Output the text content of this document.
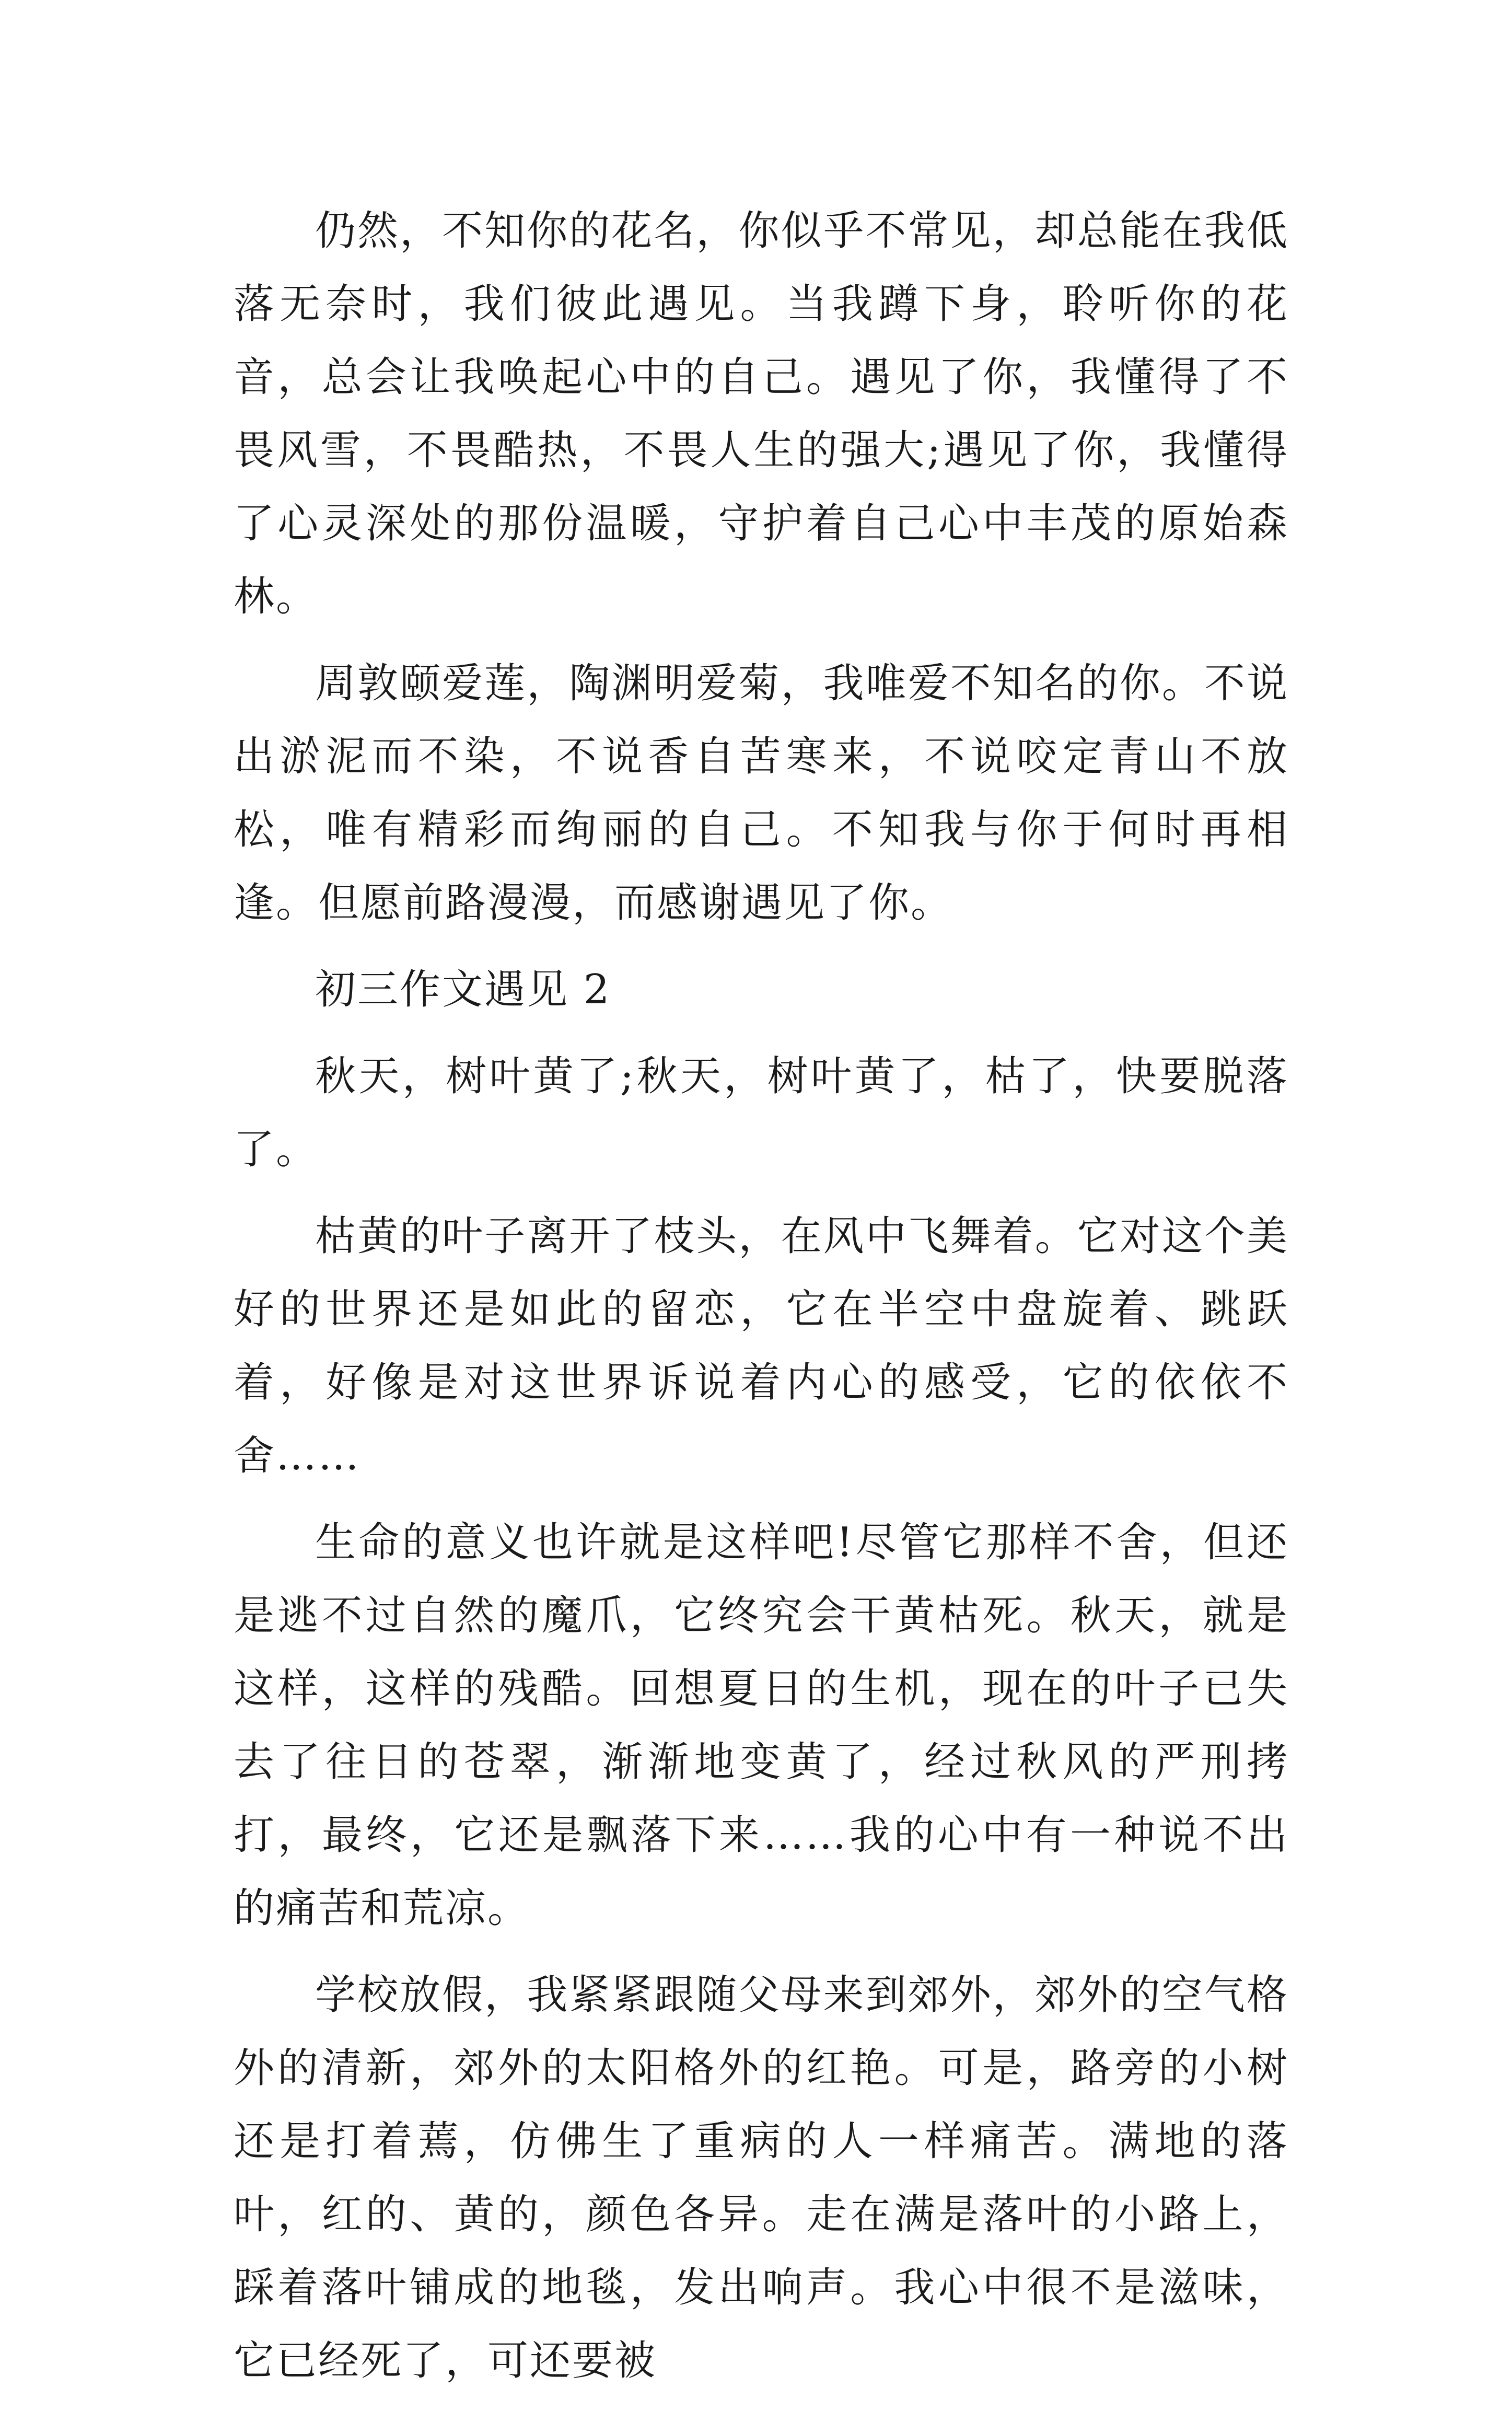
仍然，不知你的花名，你似乎不常见，却总能在我低落无奈时，我们彼此遇见。当我蹲下身，聆听你的花音，总会让我唤起心中的自己。遇见了你，我懂得了不畏风雪，不畏酷热，不畏人生的强大;遇见了你，我懂得了心灵深处的那份温暖，守护着自己心中丰茂的原始森林。

周敦颐爱莲，陶渊明爱菊，我唯爱不知名的你。不说出淤泥而不染，不说香自苦寒来，不说咬定青山不放松，唯有精彩而绚丽的自己。不知我与你于何时再相逢。但愿前路漫漫，而感谢遇见了你。

初三作文遇见 2

秋天，树叶黄了;秋天，树叶黄了，枯了，快要脱落了。

枯黄的叶子离开了枝头，在风中飞舞着。它对这个美好的世界还是如此的留恋，它在半空中盘旋着、跳跃着，好像是对这世界诉说着内心的感受，它的依依不舍……

生命的意义也许就是这样吧!尽管它那样不舍，但还是逃不过自然的魔爪，它终究会干黄枯死。秋天，就是这样，这样的残酷。回想夏日的生机，现在的叶子已失去了往日的苍翠，渐渐地变黄了，经过秋风的严刑拷打，最终，它还是飘落下来……我的心中有一种说不出的痛苦和荒凉。

学校放假，我紧紧跟随父母来到郊外，郊外的空气格外的清新，郊外的太阳格外的红艳。可是，路旁的小树还是打着蔫，仿佛生了重病的人一样痛苦。满地的落叶，红的、黄的，颜色各异。走在满是落叶的小路上，踩着落叶铺成的地毯，发出响声。我心中很不是滋味，它已经死了，可还要被
